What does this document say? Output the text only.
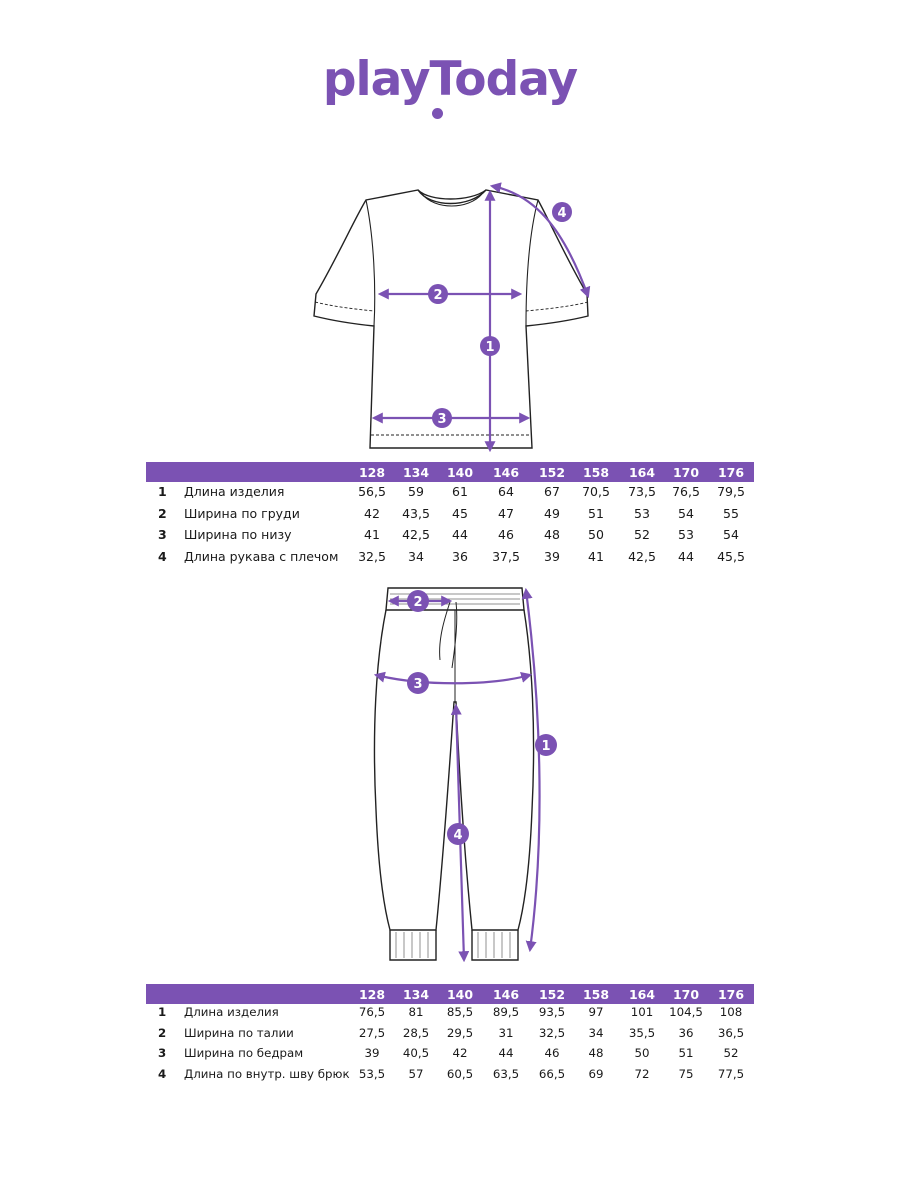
playToday
1
2
3
4
128	134	140	146	152	158	164	170	176
1 Длина изделия	56,5	59	61	64	67	70,5	73,5	76,5	79,5
2 Ширина по груди	42	43,5	45	47	49	51	53	54	55
3 Ширина по низу	41	42,5	44	46	48	50	52	53	54
4 Длина рукава с плечом	32,5	34	36	37,5	39	41	42,5	44	45,5
1
2
3
4
128	134	140	146	152	158	164	170	176
1 Длина изделия	76,5	81	85,5	89,5	93,5	97	101	104,5	108
2 Ширина по талии	27,5	28,5	29,5	31	32,5	34	35,5	36	36,5
3 Ширина по бедрам	39	40,5	42	44	46	48	50	51	52
4 Длина по внутр. шву брюк 53,5	57	60,5	63,5	66,5	69	72	75	77,5
